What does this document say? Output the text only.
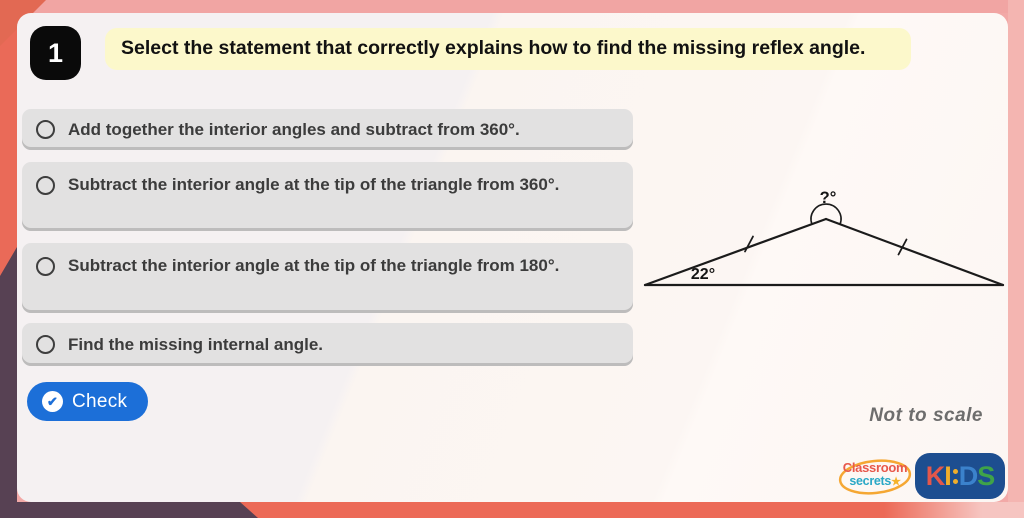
1	Select the statement that correctly explains how to find the missing reflex angle.
Add together the interior angles and subtract from 360°.
Subtract the interior angle at the tip of the triangle from 360°.
Subtract the interior angle at the tip of the triangle from 180°.
Find the missing internal angle.
✔ Check
?°
22°
Not to scale
Classroom
secrets★ K I D S
